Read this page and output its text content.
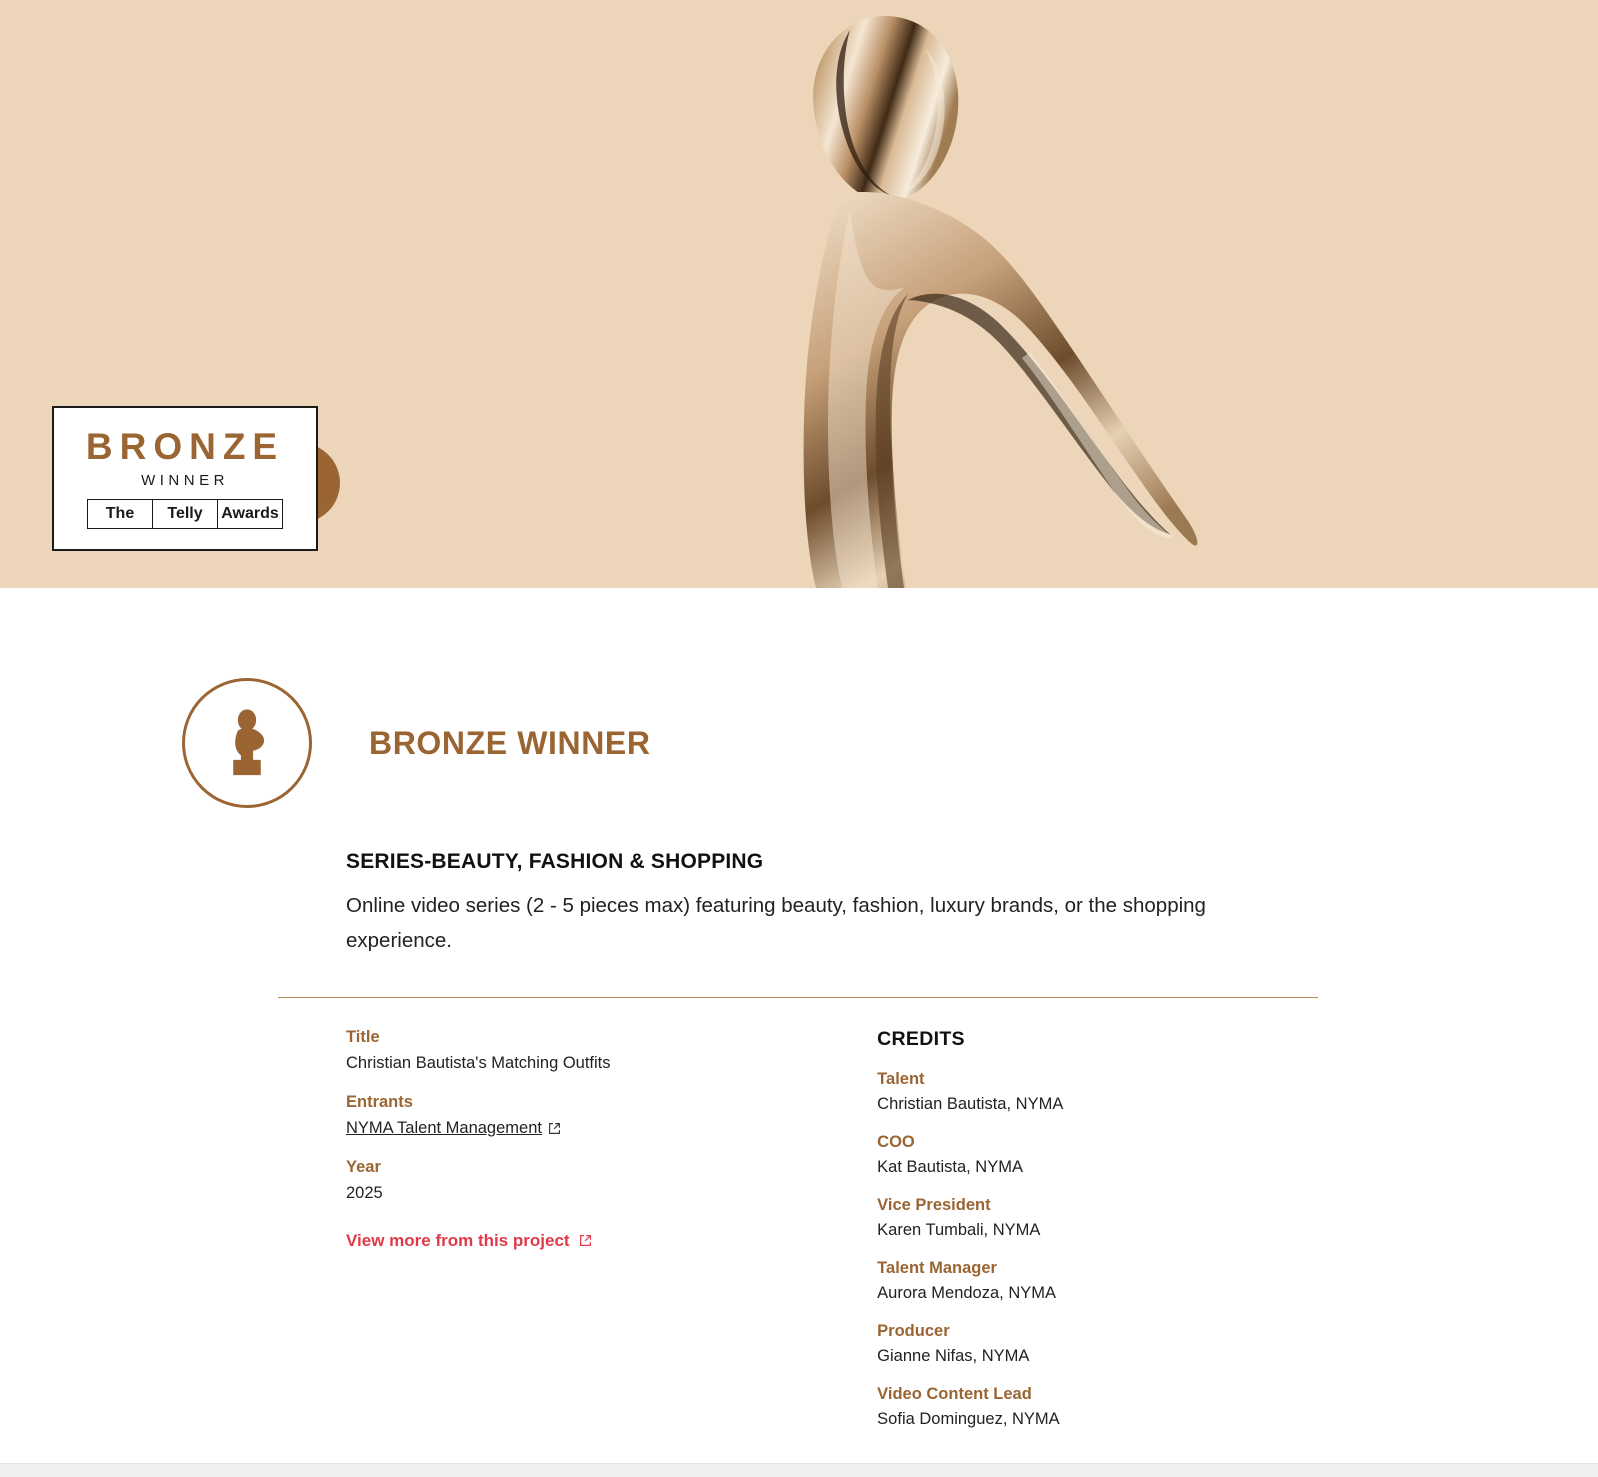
BRONZE
WINNER
The	Telly	Awards
BRONZE WINNER
SERIES-BEAUTY, FASHION & SHOPPING
Online video series (2 - 5 pieces max) featuring beauty, fashion, luxury brands, or the shopping experience.
Title
Christian Bautista's Matching Outfits
Entrants
NYMA Talent Management
Year
2025
View more from this project
CREDITS
Talent
Christian Bautista, NYMA
COO
Kat Bautista, NYMA
Vice President
Karen Tumbali, NYMA
Talent Manager
Aurora Mendoza, NYMA
Producer
Gianne Nifas, NYMA
Video Content Lead
Sofia Dominguez, NYMA
